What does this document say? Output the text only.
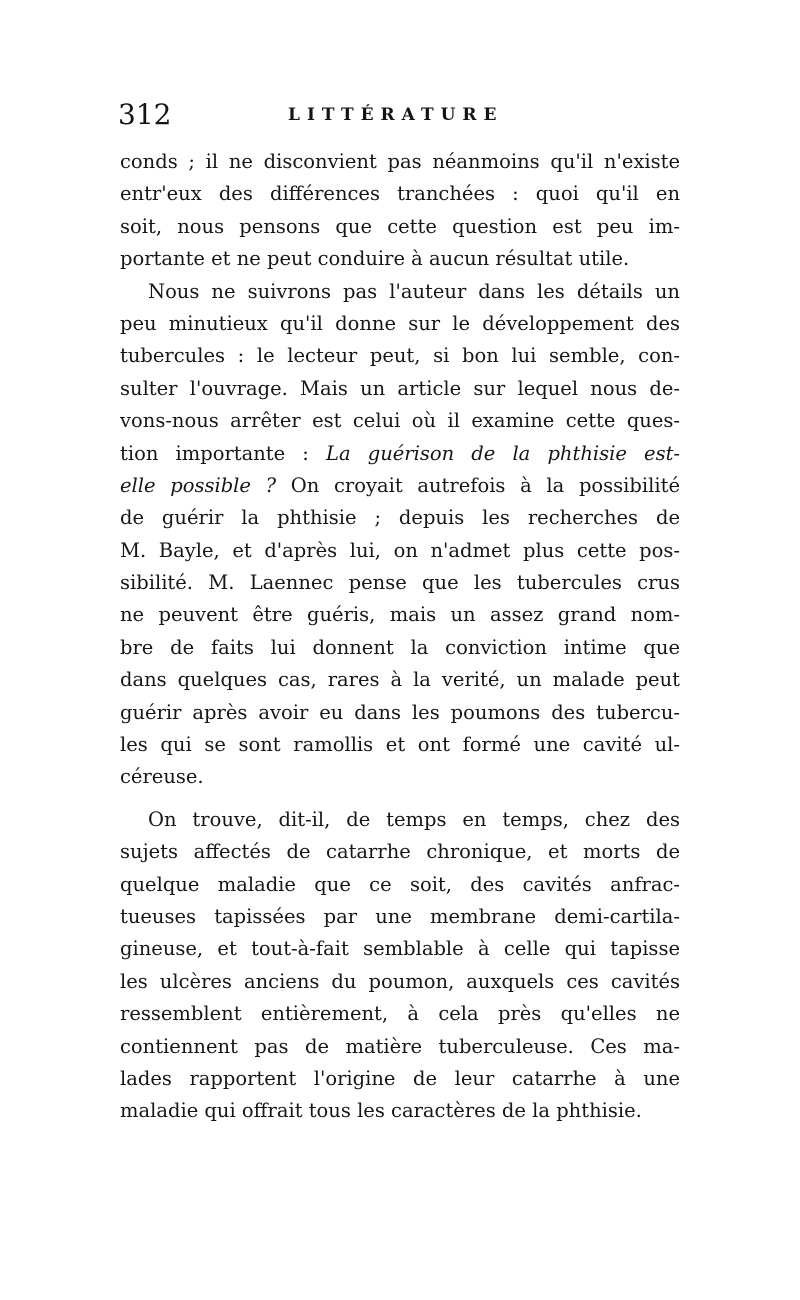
312	LITTÉRATURE
conds ; il ne disconvient pas néanmoins qu'il n'existe
entr'eux des différences tranchées : quoi qu'il en
soit, nous pensons que cette question est peu im-
portante et ne peut conduire à aucun résultat utile.
Nous ne suivrons pas l'auteur dans les détails un
peu minutieux qu'il donne sur le développement des
tubercules : le lecteur peut, si bon lui semble, con-
sulter l'ouvrage. Mais un article sur lequel nous de-
vons-nous arrêter est celui où il examine cette ques-
tion importante : La guérison de la phthisie est-
elle possible ? On croyait autrefois à la possibilité
de guérir la phthisie ; depuis les recherches de
M. Bayle, et d'après lui, on n'admet plus cette pos-
sibilité. M. Laennec pense que les tubercules crus
ne peuvent être guéris, mais un assez grand nom-
bre de faits lui donnent la conviction intime que
dans quelques cas, rares à la verité, un malade peut
guérir après avoir eu dans les poumons des tubercu-
les qui se sont ramollis et ont formé une cavité ul-
céreuse.
On trouve, dit-il, de temps en temps, chez des
sujets affectés de catarrhe chronique, et morts de
quelque maladie que ce soit, des cavités anfrac-
tueuses tapissées par une membrane demi-cartila-
gineuse, et tout-à-fait semblable à celle qui tapisse
les ulcères anciens du poumon, auxquels ces cavités
ressemblent entièrement, à cela près qu'elles ne
contiennent pas de matière tuberculeuse. Ces ma-
lades rapportent l'origine de leur catarrhe à une
maladie qui offrait tous les caractères de la phthisie.
